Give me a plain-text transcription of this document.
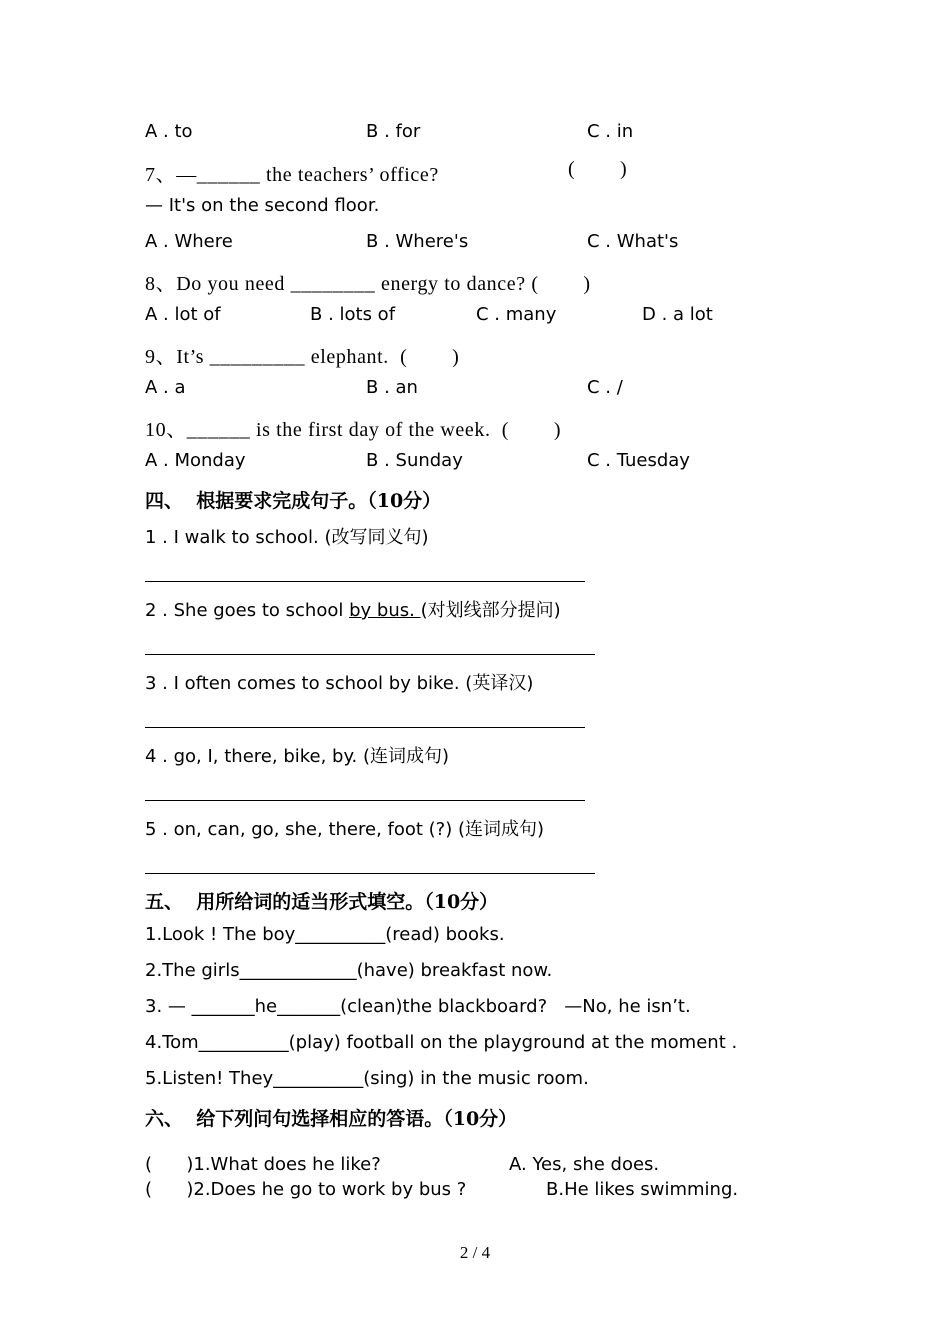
A . to	B . for	C . in
7、—______ the teachers’ office?	(        )
— It's on the second floor.
A . Where	B . Where's	C . What's
8、Do you need ________ energy to dance? (        )
A . lot of	B . lots of	C . many	D . a lot
9、It’s _________ elephant.  (        )
A . a	B . an	C . /
10、______ is the first day of the week.  (        )
A . Monday	B . Sunday	C . Tuesday
四、  根据要求完成句子。（10分）
1 . I walk to school. (改写同义句)
2 . She goes to school by bus. (对划线部分提问)
3 . I often comes to school by bike. (英译汉)
4 . go, I, there, bike, by. (连词成句)
5 . on, can, go, she, there, foot (?) (连词成句)
五、  用所给词的适当形式填空。（10分）
1.Look ! The boy__________(read) books.
2.The girls_____________(have) breakfast now.
3. — _______he_______(clean)the blackboard?   —No, he isn’t.
4.Tom__________(play) football on the playground at the moment .
5.Listen! They__________(sing) in the music room.
六、  给下列问句选择相应的答语。（10分）
(      )1.What does he like?	A. Yes, she does.
(      )2.Does he go to work by bus ?	B.He likes swimming.
2 / 4
